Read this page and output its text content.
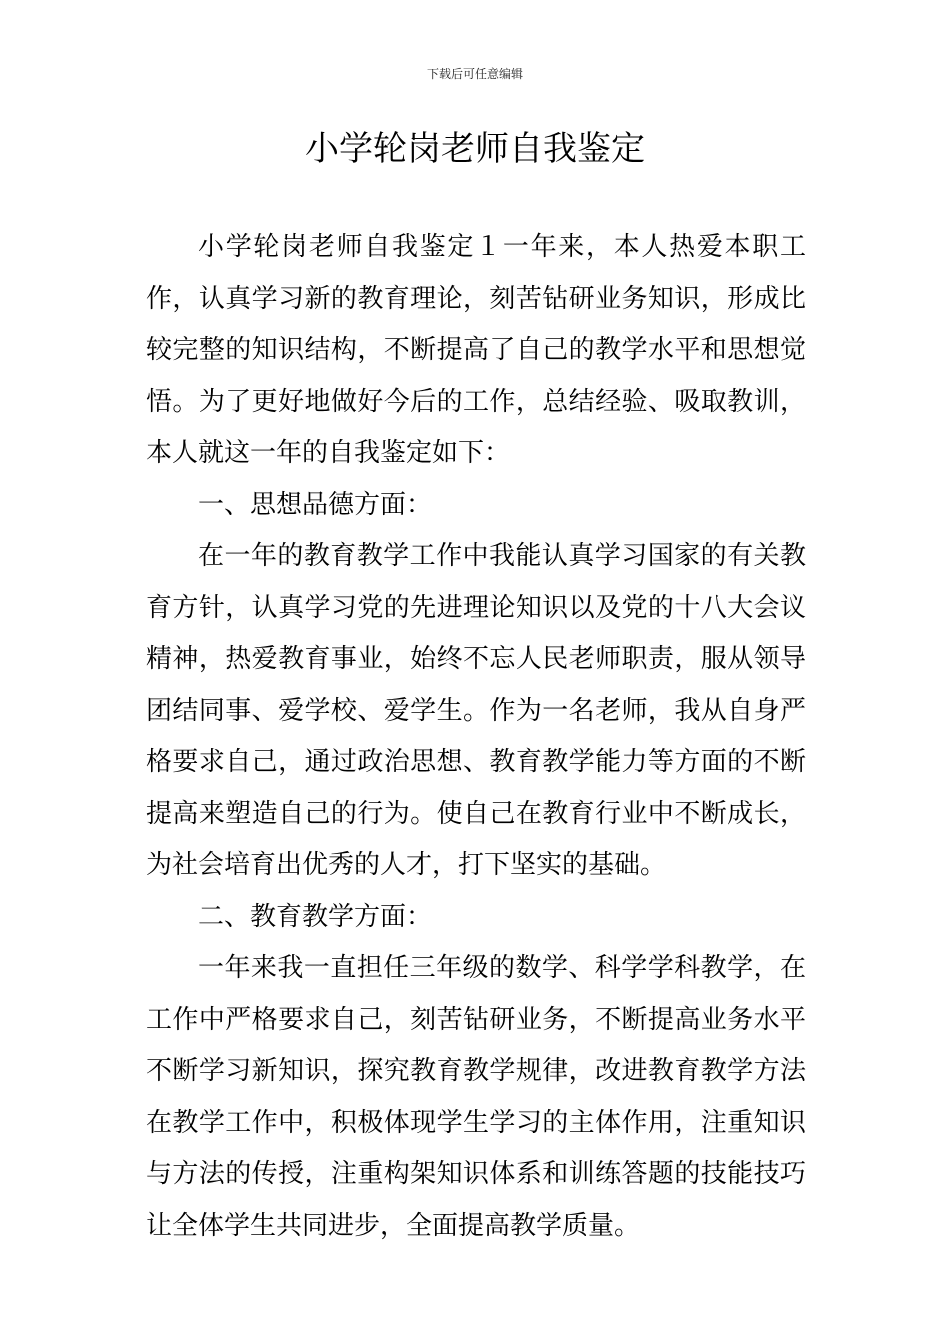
下载后可任意编辑
小学轮岗老师自我鉴定

小学轮岗老师自我鉴定１一年来，本人热爱本职工作，认真学习新的教育理论，刻苦钻研业务知识，形成比较完整的知识结构，不断提高了自己的教学水平和思想觉悟。为了更好地做好今后的工作，总结经验、吸取教训，本人就这一年的自我鉴定如下：

一、思想品德方面：

在一年的教育教学工作中我能认真学习国家的有关教育方针，认真学习党的先进理论知识以及党的十八大会议精神，热爱教育事业，始终不忘人民老师职责，服从领导团结同事、爱学校、爱学生。作为一名老师，我从自身严格要求自己，通过政治思想、教育教学能力等方面的不断提高来塑造自己的行为。使自己在教育行业中不断成长，为社会培育出优秀的人才，打下坚实的基础。

二、教育教学方面：

一年来我一直担任三年级的数学、科学学科教学，在工作中严格要求自己，刻苦钻研业务，不断提高业务水平不断学习新知识，探究教育教学规律，改进教育教学方法在教学工作中，积极体现学生学习的主体作用，注重知识与方法的传授，注重构架知识体系和训练答题的技能技巧让全体学生共同进步，全面提高教学质量。
